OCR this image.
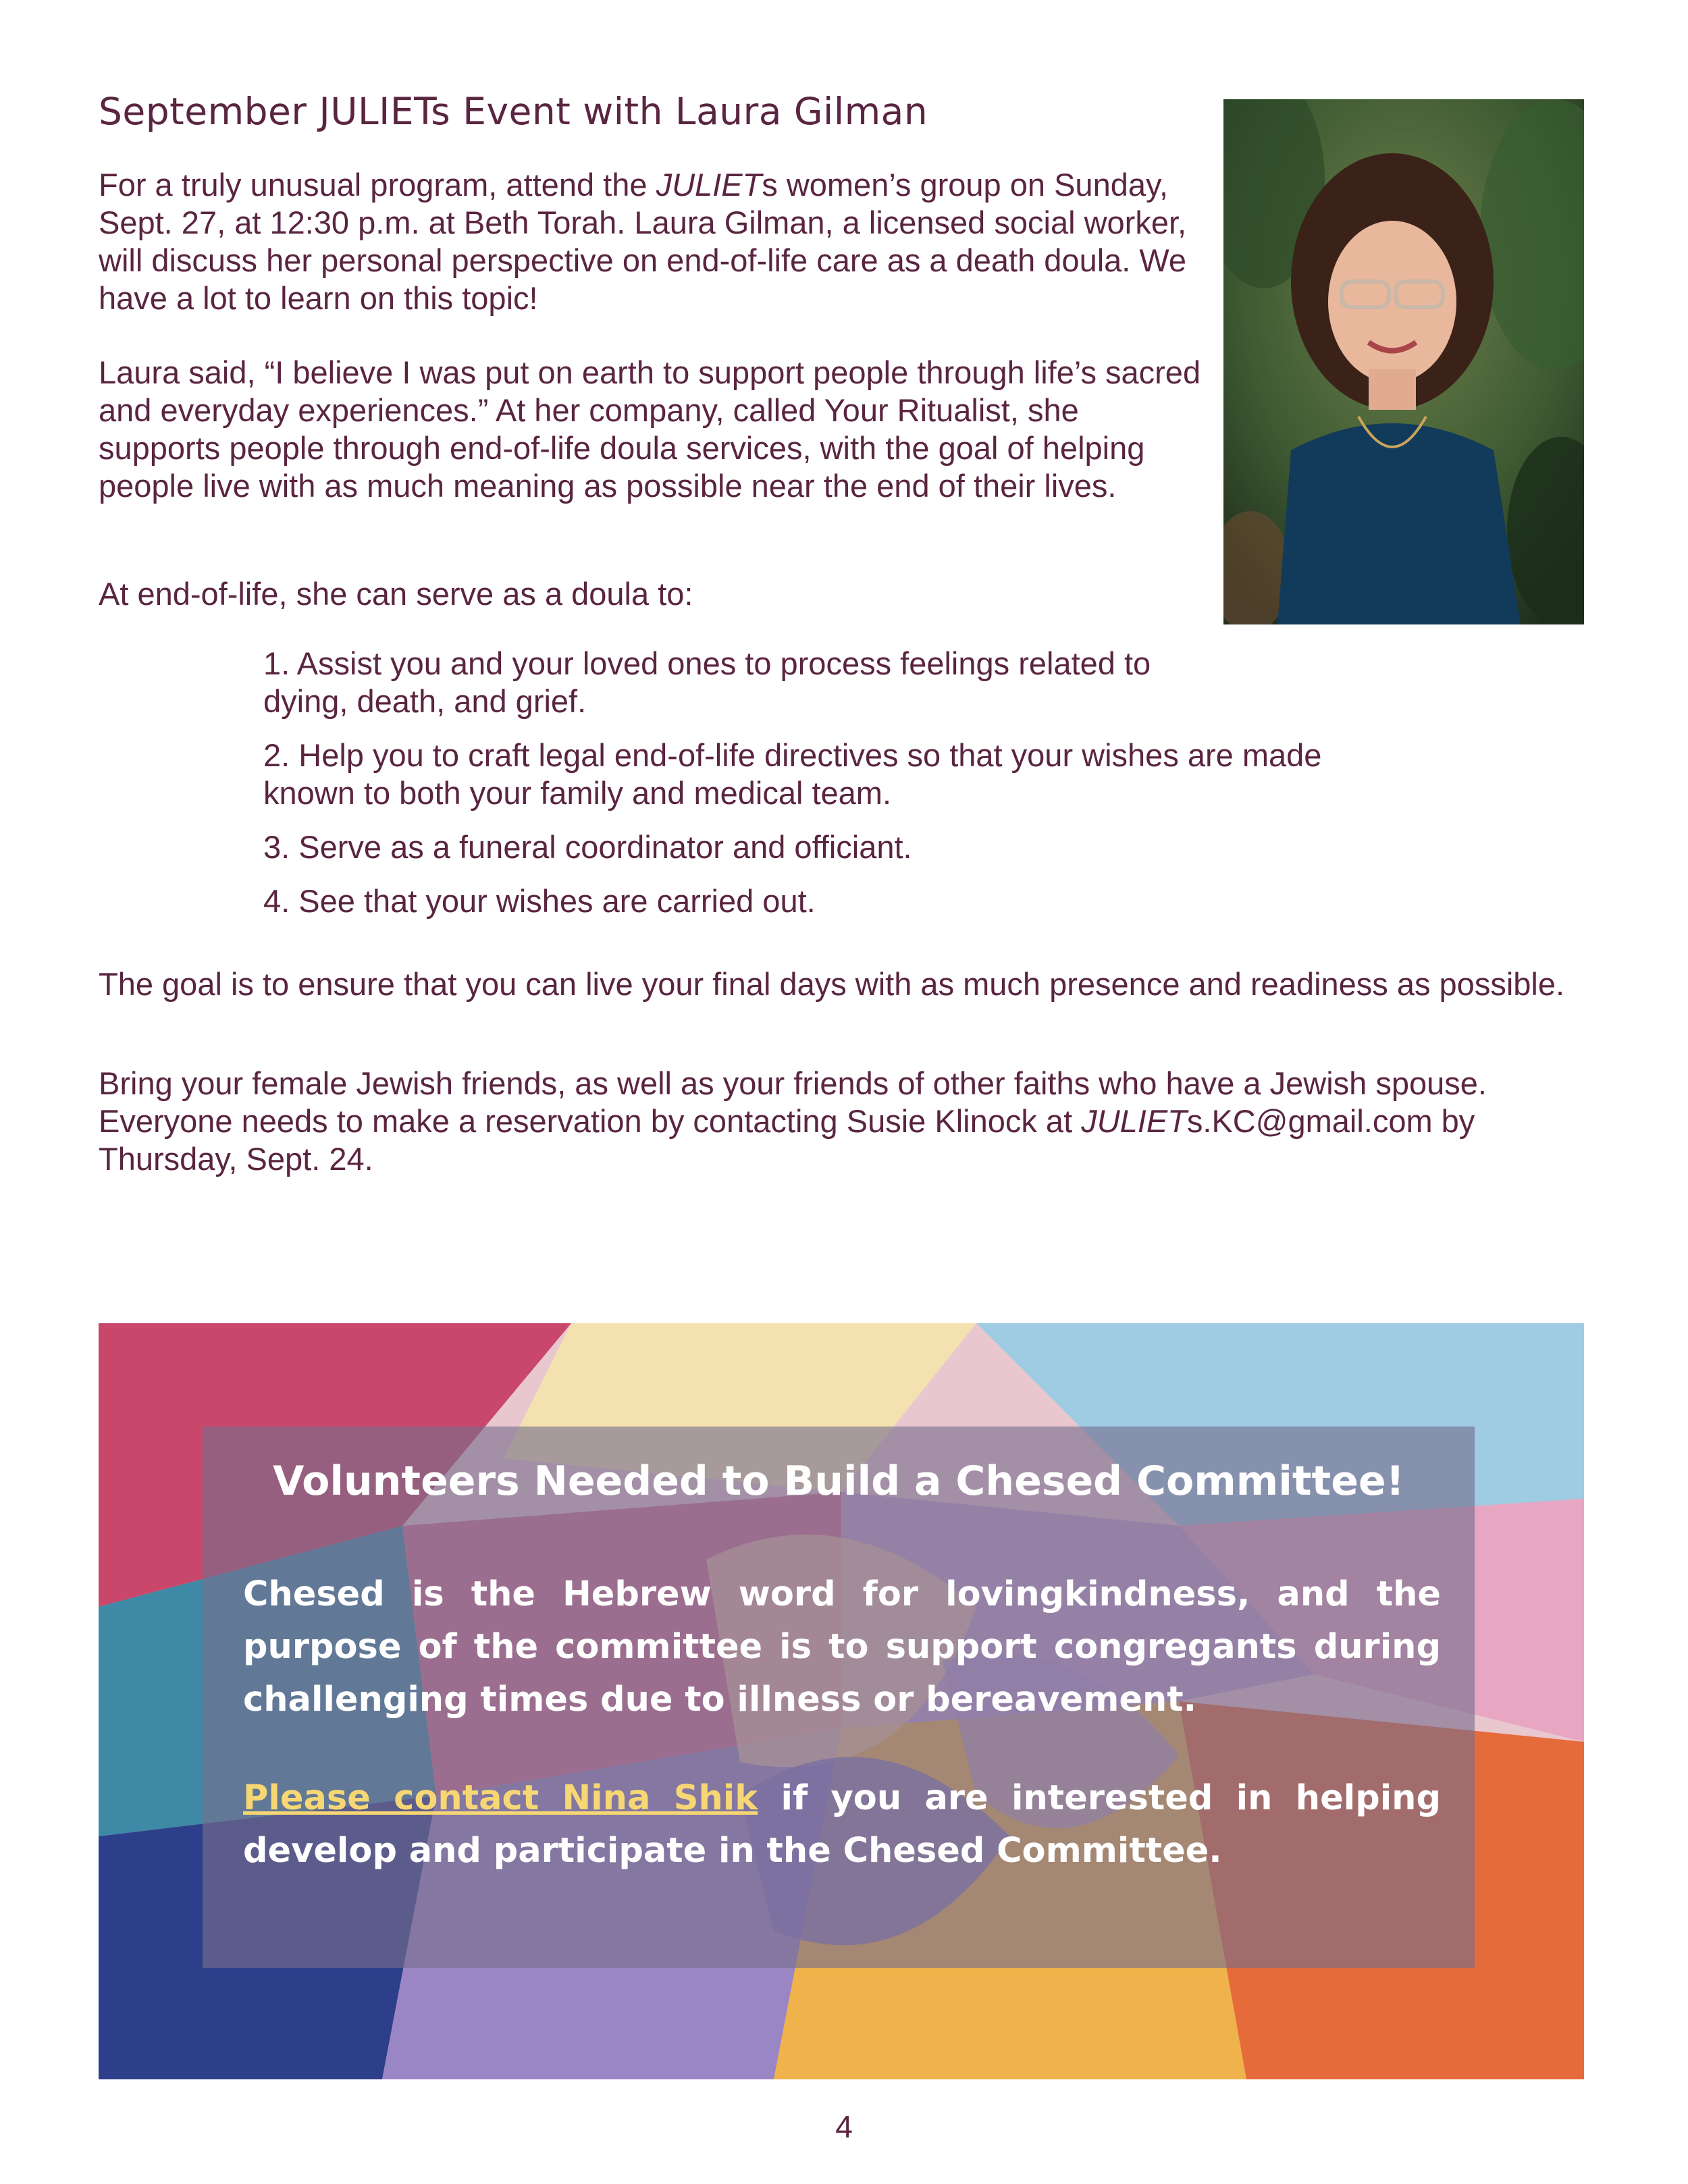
September JULIETs Event with Laura Gilman

For a truly unusual program, attend the JULIETs women’s group on Sunday, Sept. 27, at 12:30 p.m. at Beth Torah. Laura Gilman, a licensed social worker, will discuss her personal perspective on end-of-life care as a death doula. We have a lot to learn on this topic!

Laura said, “I believe I was put on earth to support people through life’s sacred and everyday experiences.” At her company, called Your Ritualist, she supports people through end-of-life doula services, with the goal of helping people live with as much meaning as possible near the end of their lives.

At end-of-life, she can serve as a doula to:

1. Assist you and your loved ones to process feelings related to dying, death, and grief.
2. Help you to craft legal end-of-life directives so that your wishes are made known to both your family and medical team.
3. Serve as a funeral coordinator and officiant.
4. See that your wishes are carried out.

The goal is to ensure that you can live your final days with as much presence and readiness as possible.

Bring your female Jewish friends, as well as your friends of other faiths who have a Jewish spouse. Everyone needs to make a reservation by contacting Susie Klinock at JULIETs.KC@gmail.com by Thursday, Sept. 24.

Volunteers Needed to Build a Chesed Committee!

Chesed is the Hebrew word for lovingkindness, and the purpose of the committee is to support congregants during challenging times due to illness or bereavement.

Please contact Nina Shik if you are interested in helping develop and participate in the Chesed Committee.

4
